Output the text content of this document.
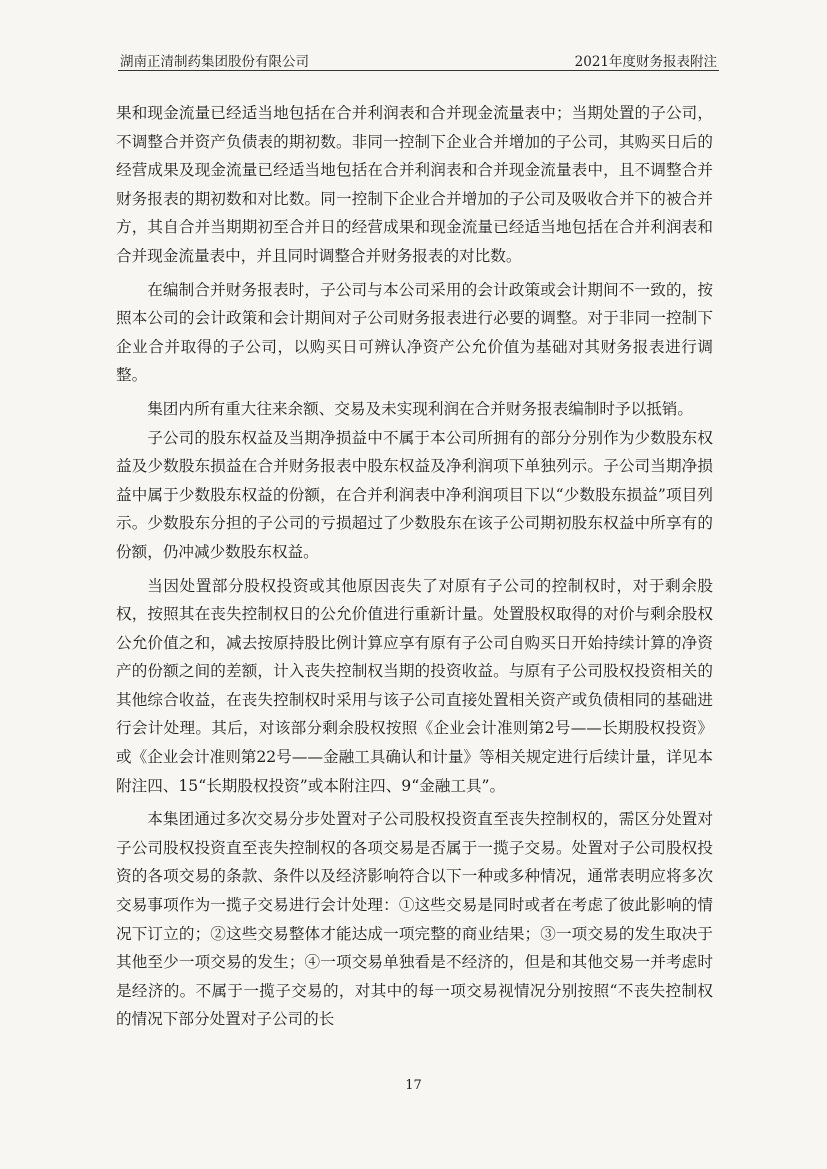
湖南正清制药集团股份有限公司	2021年度财务报表附注

果和现金流量已经适当地包括在合并利润表和合并现金流量表中；当期处置的子公司，不调整合并资产负债表的期初数。非同一控制下企业合并增加的子公司，其购买日后的经营成果及现金流量已经适当地包括在合并利润表和合并现金流量表中，且不调整合并财务报表的期初数和对比数。同一控制下企业合并增加的子公司及吸收合并下的被合并方，其自合并当期期初至合并日的经营成果和现金流量已经适当地包括在合并利润表和合并现金流量表中，并且同时调整合并财务报表的对比数。

在编制合并财务报表时，子公司与本公司采用的会计政策或会计期间不一致的，按照本公司的会计政策和会计期间对子公司财务报表进行必要的调整。对于非同一控制下企业合并取得的子公司，以购买日可辨认净资产公允价值为基础对其财务报表进行调整。

集团内所有重大往来余额、交易及未实现利润在合并财务报表编制时予以抵销。

子公司的股东权益及当期净损益中不属于本公司所拥有的部分分别作为少数股东权益及少数股东损益在合并财务报表中股东权益及净利润项下单独列示。子公司当期净损益中属于少数股东权益的份额，在合并利润表中净利润项目下以“少数股东损益”项目列示。少数股东分担的子公司的亏损超过了少数股东在该子公司期初股东权益中所享有的份额，仍冲减少数股东权益。

当因处置部分股权投资或其他原因丧失了对原有子公司的控制权时，对于剩余股权，按照其在丧失控制权日的公允价值进行重新计量。处置股权取得的对价与剩余股权公允价值之和，减去按原持股比例计算应享有原有子公司自购买日开始持续计算的净资产的份额之间的差额，计入丧失控制权当期的投资收益。与原有子公司股权投资相关的其他综合收益，在丧失控制权时采用与该子公司直接处置相关资产或负债相同的基础进行会计处理。其后，对该部分剩余股权按照《企业会计准则第2号——长期股权投资》或《企业会计准则第22号——金融工具确认和计量》等相关规定进行后续计量，详见本附注四、15“长期股权投资”或本附注四、9“金融工具”。

本集团通过多次交易分步处置对子公司股权投资直至丧失控制权的，需区分处置对子公司股权投资直至丧失控制权的各项交易是否属于一揽子交易。处置对子公司股权投资的各项交易的条款、条件以及经济影响符合以下一种或多种情况，通常表明应将多次交易事项作为一揽子交易进行会计处理：①这些交易是同时或者在考虑了彼此影响的情况下订立的；②这些交易整体才能达成一项完整的商业结果；③一项交易的发生取决于其他至少一项交易的发生；④一项交易单独看是不经济的，但是和其他交易一并考虑时是经济的。不属于一揽子交易的，对其中的每一项交易视情况分别按照“不丧失控制权的情况下部分处置对子公司的长

17
